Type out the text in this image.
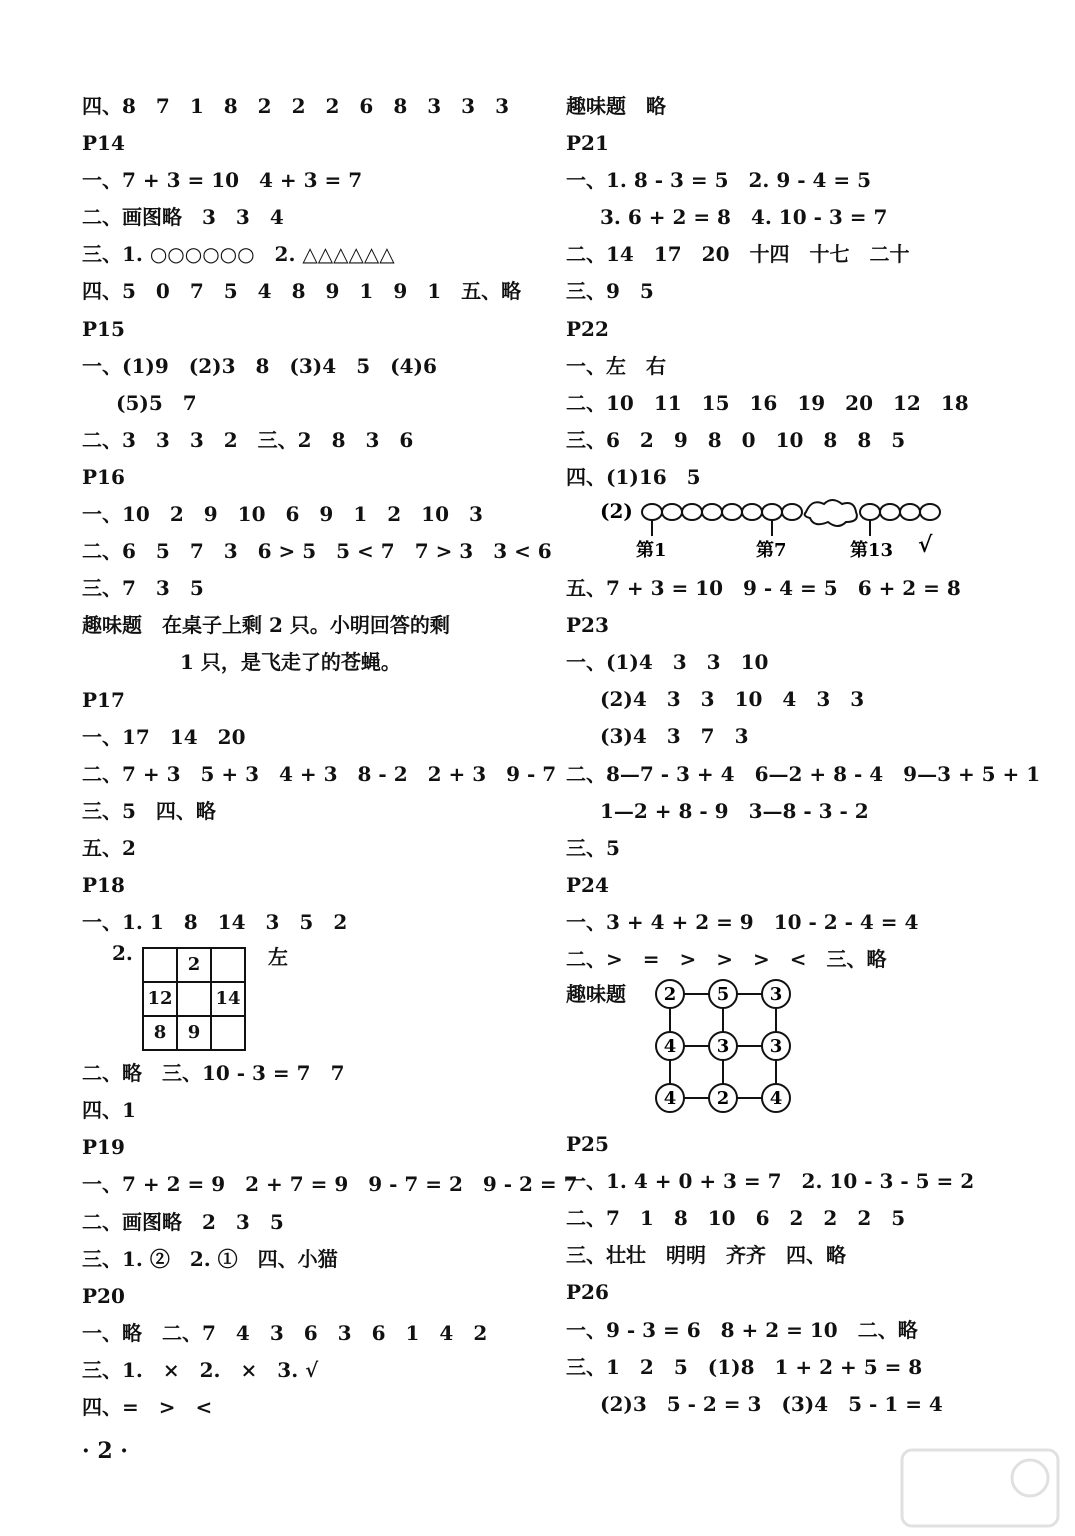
四、8　7　1　8　2　2　2　6　8　3　3　3
P14
一、7 + 3 = 10　4 + 3 = 7
二、画图略　3　3　4
三、1. ○○○○○○　2. △△△△△△
四、5　0　7　5　4　8　9　1　9　1　五、略
P15
一、(1)9　(2)3　8　(3)4　5　(4)6
(5)5　7
二、3　3　3　2　三、2　8　3　6
P16
一、10　2　9　10　6　9　1　2　10　3
二、6　5　7　3　6 > 5　5 < 7　7 > 3　3 < 6
三、7　3　5
趣味题　在桌子上剩 2 只。小明回答的剩
1 只，是飞走了的苍蝇。
P17
一、17　14　20
二、7 + 3　5 + 3　4 + 3　8 - 2　2 + 3　9 - 7
三、5　四、略
五、2
P18
一、1. 1　8　14　3　5　2
2.
		2	
12		14
8	9	
左
二、略　三、10 - 3 = 7　7
四、1
P19
一、7 + 2 = 9　2 + 7 = 9　9 - 7 = 2　9 - 2 = 7
二、画图略　2　3　5
三、1. ②　2. ①　四、小猫
P20
一、略　二、7　4　3　6　3　6　1　4　2
三、1.　×　2.　×　3. √
四、=　>　<
趣味题　略
P21
一、1. 8 - 3 = 5　2. 9 - 4 = 5
3. 6 + 2 = 8　4. 10 - 3 = 7
二、14　17　20　十四　十七　二十
三、9　5
P22
一、左　右
二、10　11　15　16　19　20　12　18
三、6　2　9　8　0　10　8　8　5
四、(1)16　5
(2)
第1	第7	第13 √
五、7 + 3 = 10　9 - 4 = 5　6 + 2 = 8
P23
一、(1)4　3　3　10
(2)4　3　3　10　4　3　3
(3)4　3　7　3
二、8—7 - 3 + 4　6—2 + 8 - 4　9—3 + 5 + 1
1—2 + 8 - 9　3—8 - 3 - 2
三、5
P24
一、3 + 4 + 2 = 9　10 - 2 - 4 = 4
二、>　=　>　>　>　<　三、略
趣味题 2 5 3
4 3 3
4 2 4
P25
一、1. 4 + 0 + 3 = 7　2. 10 - 3 - 5 = 2
二、7　1　8　10　6　2　2　2　5
三、壮壮　明明　齐齐　四、略
P26
一、9 - 3 = 6　8 + 2 = 10　二、略
三、1　2　5　(1)8　1 + 2 + 5 = 8
(2)3　5 - 2 = 3　(3)4　5 - 1 = 4
· 2 ·
